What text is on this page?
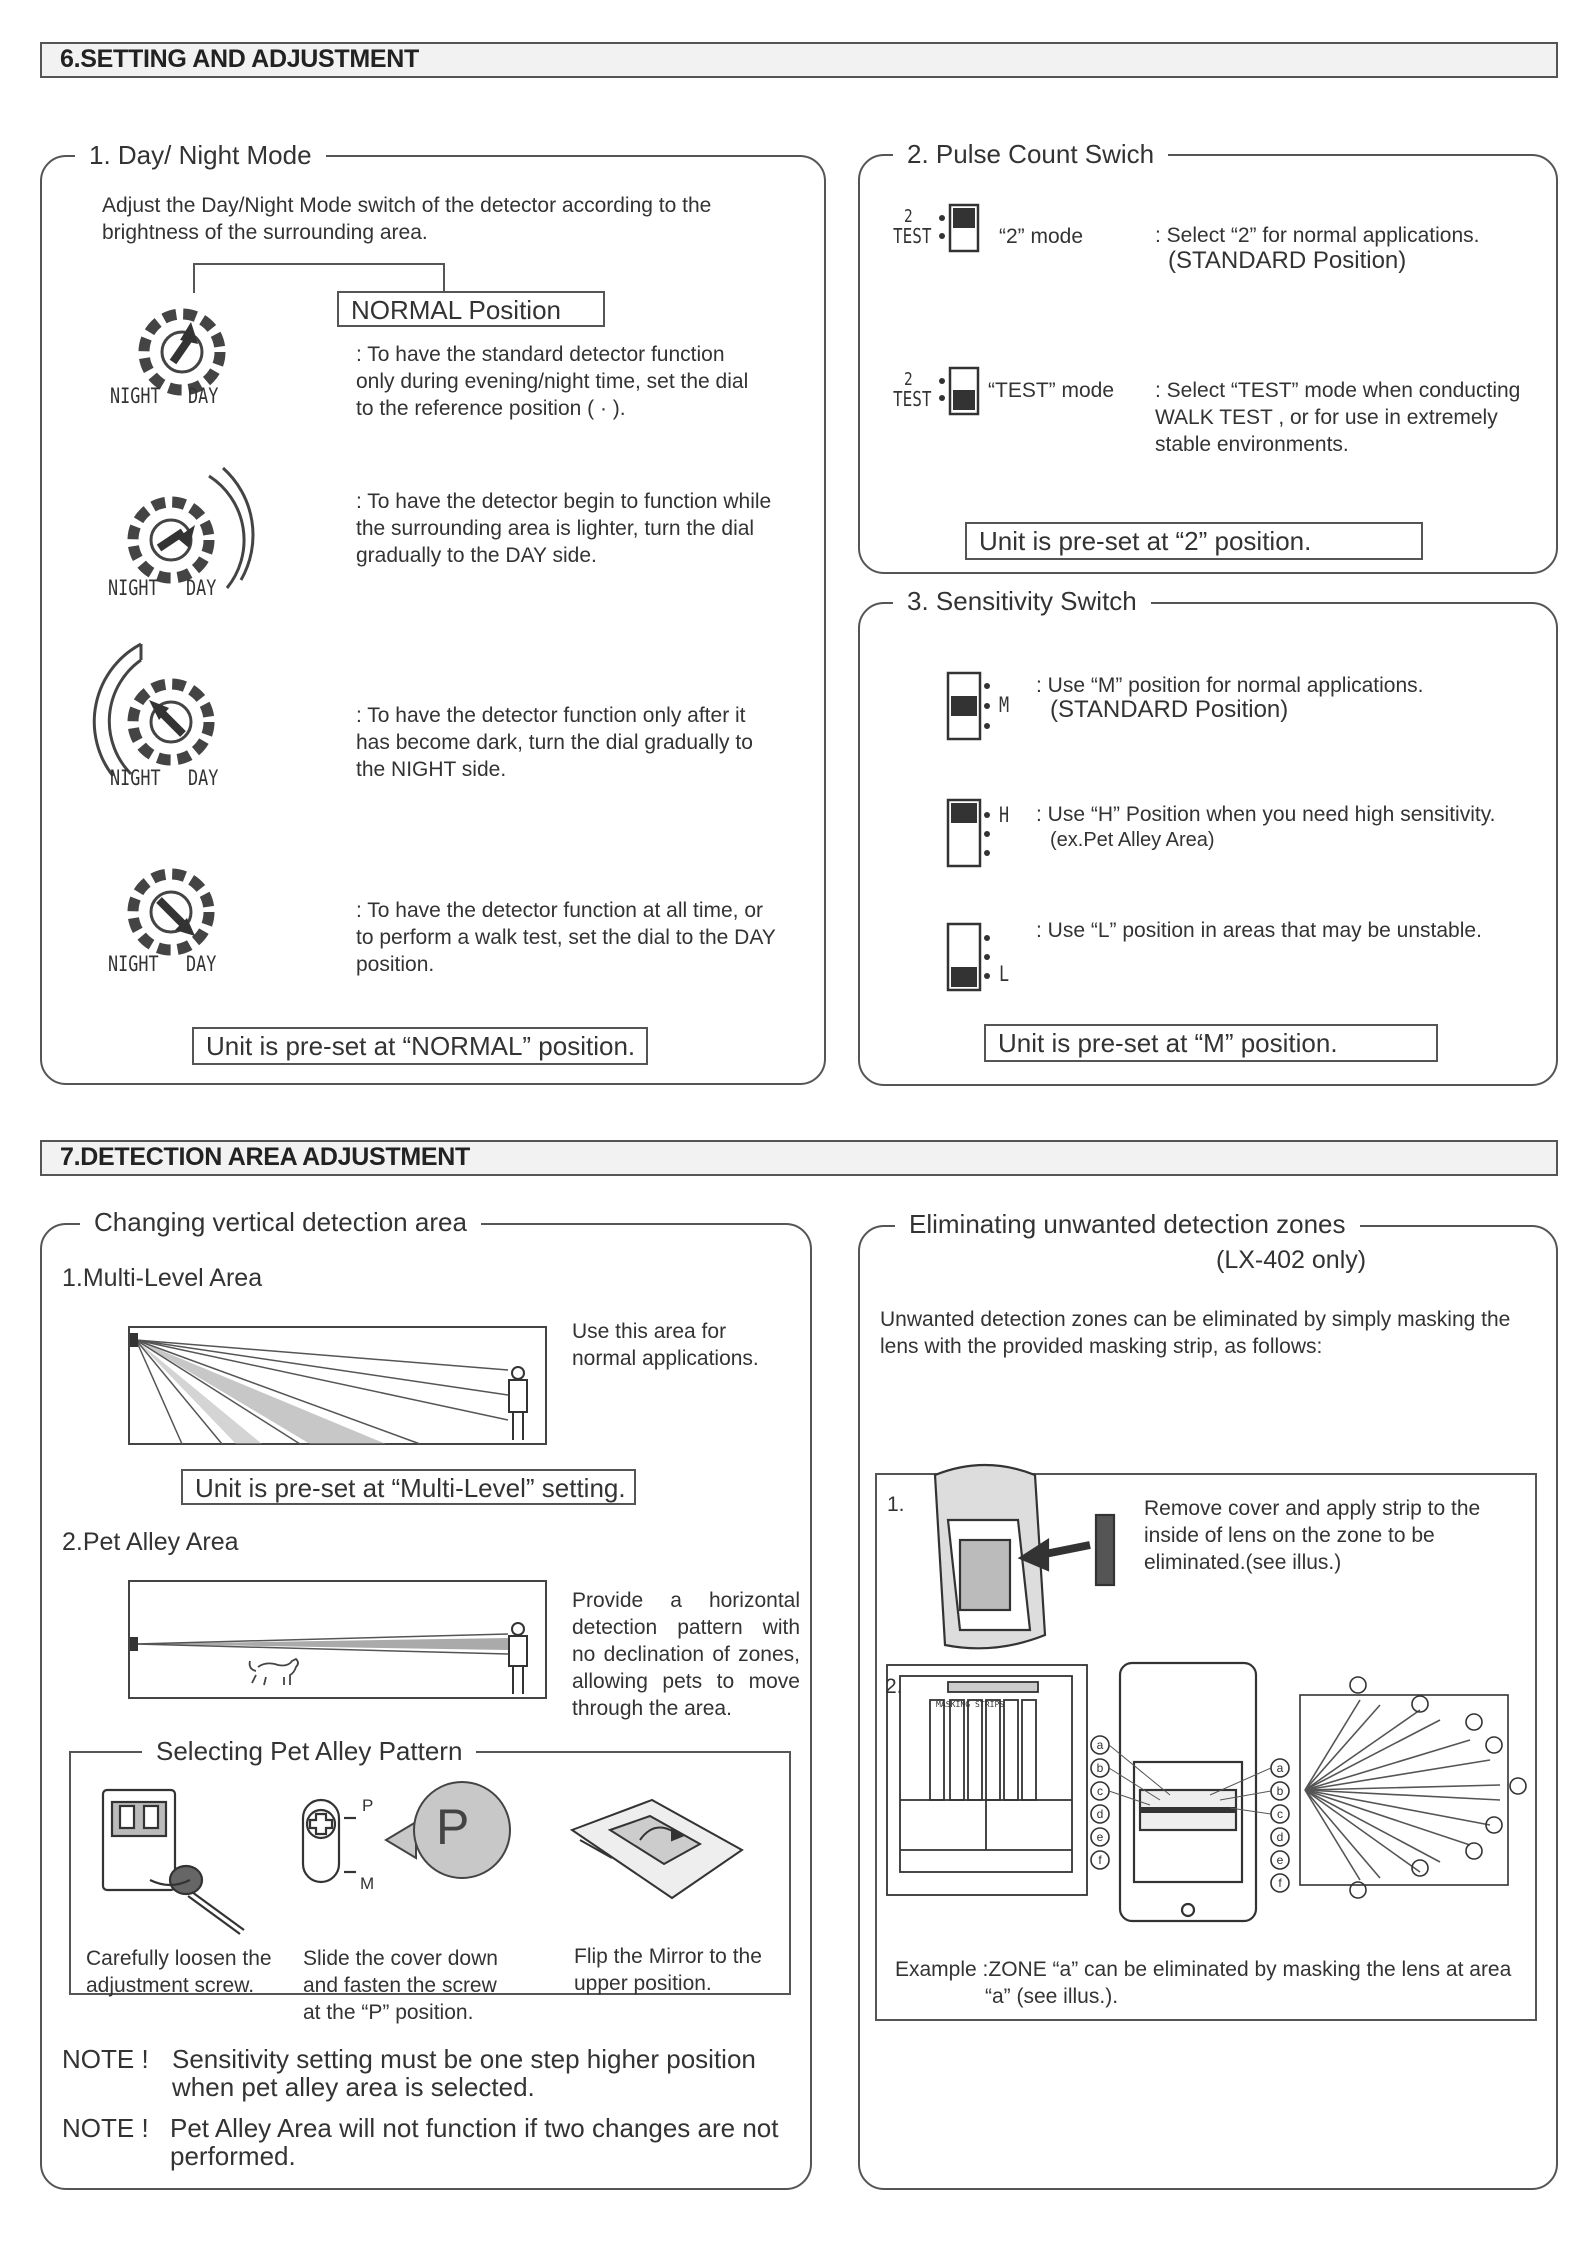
6.SETTING AND ADJUSTMENT
1. Day/ Night Mode
Adjust the Day/Night Mode switch of the detector according to the brightness of the surrounding area.
NIGHT DAY
NIGHT DAY
NIGHT DAY
NIGHT DAY
NORMAL Position
: To have the standard detector function only during evening/night time, set the dial to the reference position ( · ).
: To have the detector begin to function while the surrounding area is lighter, turn the dial gradually to the DAY side.
: To have the detector function only after it has become dark, turn the dial gradually to the NIGHT side.
: To have the detector function at all time, or to perform a walk test, set the dial to the DAY position.
Unit is pre-set at “NORMAL” position.
2. Pulse Count Swich
2
TEST
2
TEST
“2” mode	: Select “2” for normal applications.
(STANDARD Position)
“TEST” mode : Select “TEST” mode when conducting WALK TEST , or for use in extremely stable environments.
Unit is pre-set at “2” position.
3. Sensitivity Switch
M
H
L
: Use “M” position for normal applications.
(STANDARD Position)
: Use “H” Position when you need high sensitivity.
(ex.Pet Alley Area)
: Use “L” position in areas that may be unstable.
Unit is pre-set at “M” position.
7.DETECTION AREA ADJUSTMENT
Changing vertical detection area
1.Multi-Level Area
Use this area for normal applications.
Unit is pre-set at “Multi-Level” setting.
2.Pet Alley Area
Provide a horizontal detection pattern with no declination of zones, allowing pets to move through the area.
Selecting Pet Alley Pattern
P
P
M
Carefully loosen the adjustment screw.
Slide the cover down and fasten the screw at the “P” position.
Flip the Mirror to the upper position.
NOTE ! Sensitivity setting must be one step higher position when pet alley area is selected.
NOTE ! Pet Alley Area will not function if two changes are not performed.
Eliminating unwanted detection zones
(LX-402 only)
Unwanted detection zones can be eliminated by simply masking the lens with the provided masking strip, as follows:
1.	Remove cover and apply strip to the inside of lens on the zone to be eliminated.(see illus.)
2.
a
a
b
b
c
c
d
d
e
e
f
f
MASKING STRIPS
Example :ZONE “a” can be eliminated by masking the lens at area “a” (see illus.).
